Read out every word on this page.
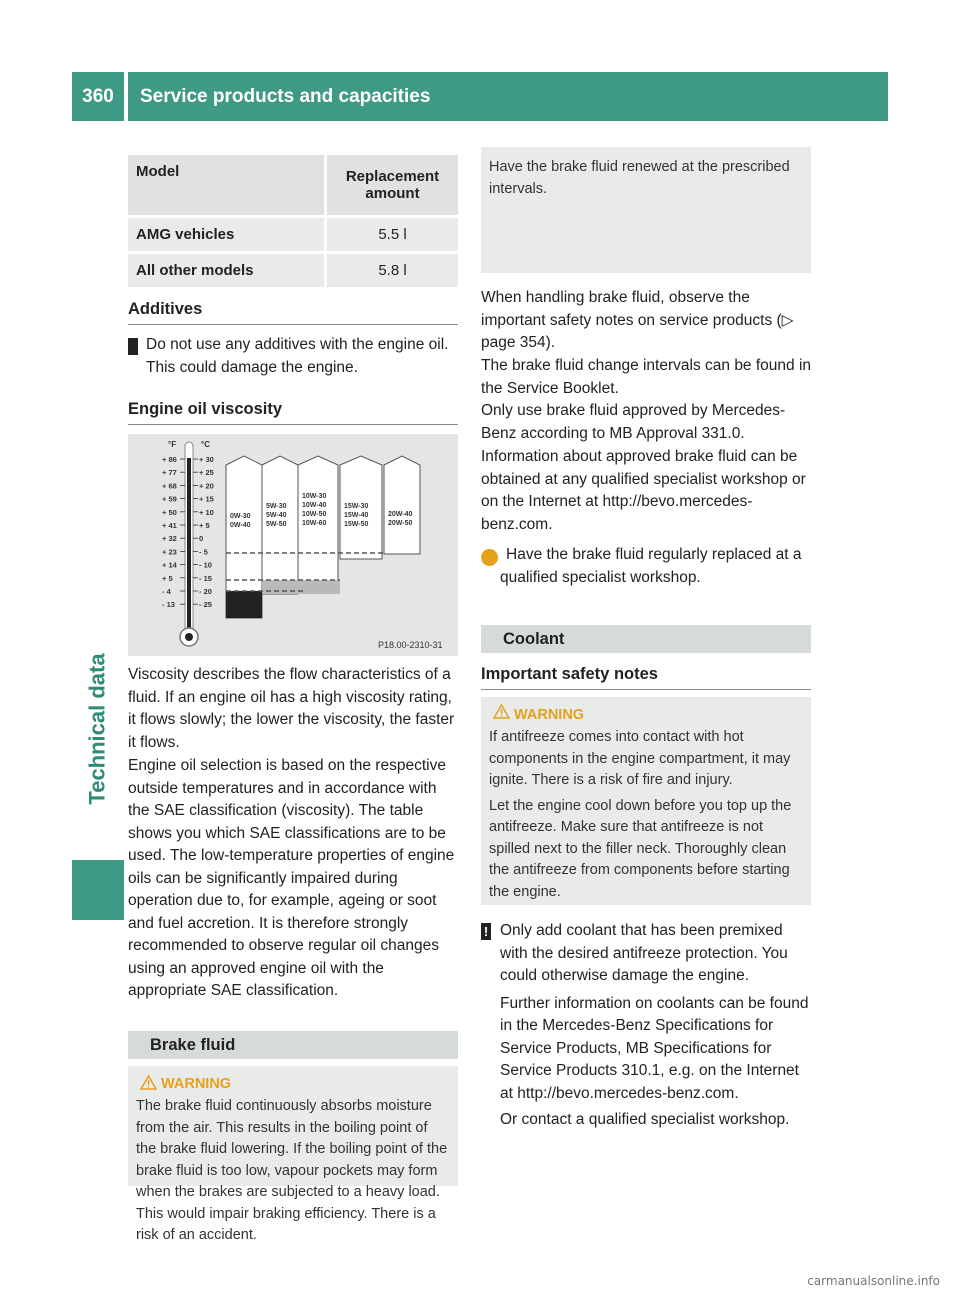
360	Service products and capacities
Technical data
Model	Replacement amount
AMG vehicles	5.5 l
All other models	5.8 l
Additives
! Do not use any additives with the engine oil. This could damage the engine.
Engine oil viscosity
+ 86
+ 77
+ 68
+ 59
+ 50
+ 41
+ 32
+ 23
+ 14
+ 5
- 4
- 13
+ 30
+ 25
+ 20
+ 15
+ 10
+ 5
0
- 5
- 10
- 15
- 20
- 25
°F	°C
0W-30
0W-40
5W-30
5W-40
5W-50
10W-30
10W-40
10W-50
10W-60
15W-30
15W-40
15W-50
20W-40
20W-50
P18.00-2310-31
Viscosity describes the flow characteristics of a fluid. If an engine oil has a high viscosity rating, it flows slowly; the lower the viscosity, the faster it flows.
Engine oil selection is based on the respective outside temperatures and in accordance with the SAE classification (viscosity). The table shows you which SAE classifications are to be used. The low-temperature properties of engine oils can be significantly impaired during operation due to, for example, ageing or soot and fuel accretion. It is therefore strongly recommended to observe regular oil changes using an approved engine oil with the appropriate SAE classification.
Brake fluid
WARNING
The brake fluid continuously absorbs moisture from the air. This results in the boiling point of the brake fluid lowering. If the boiling point of the brake fluid is too low, vapour pockets may form when the brakes are subjected to a heavy load. This would impair braking efficiency. There is a risk of an accident.
Have the brake fluid renewed at the prescribed intervals.
When handling brake fluid, observe the important safety notes on service products (▷ page 354).
The brake fluid change intervals can be found in the Service Booklet.
Only use brake fluid approved by Mercedes-Benz according to MB Approval 331.0.
Information about approved brake fluid can be obtained at any qualified specialist workshop or on the Internet at http://bevo.mercedes-benz.com.
i Have the brake fluid regularly replaced at a qualified specialist workshop.
Coolant
Important safety notes
WARNING

If antifreeze comes into contact with hot components in the engine compartment, it may ignite. There is a risk of fire and injury.

Let the engine cool down before you top up the antifreeze. Make sure that antifreeze is not spilled next to the filler neck. Thoroughly clean the antifreeze from components before starting the engine.

! Only add coolant that has been premixed with the desired antifreeze protection. You could otherwise damage the engine.

Further information on coolants can be found in the Mercedes-Benz Specifications for Service Products, MB Specifications for Service Products 310.1, e.g. on the Internet at http://bevo.mercedes-benz.com.

Or contact a qualified specialist workshop.

carmanualsonline.info
